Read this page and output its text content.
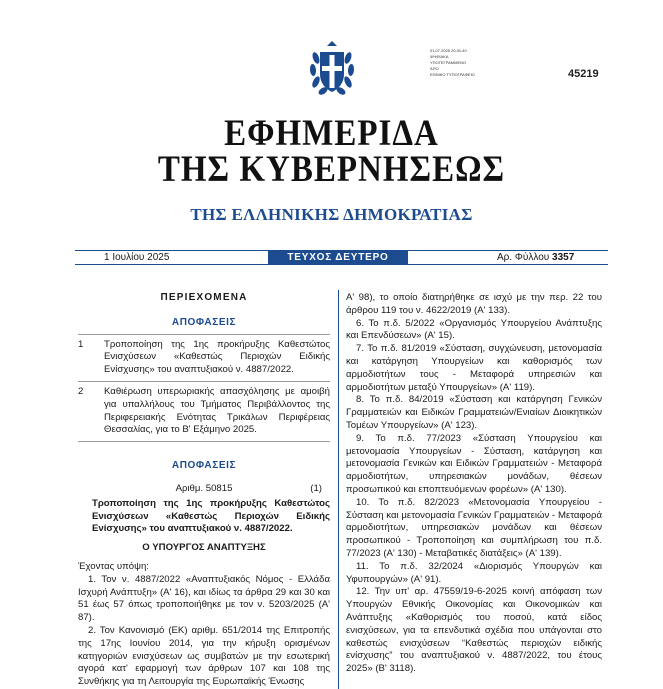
01.07.2025 20:31:40
ΨΗΦΙΑΚΑ
ΥΠΟΓΕΓΡΑΜΜΕΝΟ
ΑΠΟ
ΕΘΝΙΚΟ ΤΥΠΟΓΡΑΦΕΙΟ	45219
ΕΦΗΜΕΡΙΔΑ
ΤΗΣ ΚΥΒΕΡΝΗΣΕΩΣ
ΤΗΣ ΕΛΛΗΝΙΚΗΣ ΔΗΜΟΚΡΑΤΙΑΣ
1 Ιουλίου 2025	ΤΕΥΧΟΣ ΔΕΥΤΕΡΟ	Αρ. Φύλλου 3357

ΠΕΡΙΕΧΟΜΕΝΑ

ΑΠΟΦΑΣΕΙΣ

1 Τροποποίηση της 1ης προκήρυξης Καθεστώτος Ενισχύσεων «Καθεστώς Περιοχών Ειδικής Ενίσχυσης» του αναπτυξιακού ν. 4887/2022.

2 Καθιέρωση υπερωριακής απασχόλησης με αμοιβή για υπαλλήλους του Τμήματος Περιβάλλοντος της Περιφερειακής Ενότητας Τρικάλων Περιφέρειας Θεσσαλίας, για το Β' Εξάμηνο 2025.

ΑΠΟΦΑΣΕΙΣ

Αριθμ. 50815	(1)

Τροποποίηση της 1ης προκήρυξης Καθεστώτος Ενισχύσεων «Καθεστώς Περιοχών Ειδικής Ενίσχυσης» του αναπτυξιακού ν. 4887/2022.

Ο ΥΠΟΥΡΓΟΣ ΑΝΑΠΤΥΞΗΣ

Έχοντας υπόψη:

1. Τον ν. 4887/2022 «Αναπτυξιακός Νόμος - Ελλάδα Ισχυρή Ανάπτυξη» (Α' 16), και ιδίως τα άρθρα 29 και 30 και 51 έως 57 όπως τροποποιήθηκε με τον ν. 5203/2025 (Α' 87).

2. Τον Κανονισμό (ΕΚ) αριθμ. 651/2014 της Επιτροπής της 17ης Ιουνίου 2014, για την κήρυξη ορισμένων κατηγοριών ενισχύσεων ως συμβατών με την εσωτερική αγορά κατ' εφαρμογή των άρθρων 107 και 108 της Συνθήκης για τη Λειτουργία της Ευρωπαϊκής Ένωσης

Α' 98), το οποίο διατηρήθηκε σε ισχύ με την περ. 22 του άρθρου 119 του ν. 4622/2019 (Α' 133).

6. Το π.δ. 5/2022 «Οργανισμός Υπουργείου Ανάπτυξης και Επενδύσεων» (Α' 15).

7. Το π.δ. 81/2019 «Σύσταση, συγχώνευση, μετονομασία και κατάργηση Υπουργείων και καθορισμός των αρμοδιοτήτων τους - Μεταφορά υπηρεσιών και αρμοδιοτήτων μεταξύ Υπουργείων» (Α' 119).

8. Το π.δ. 84/2019 «Σύσταση και κατάργηση Γενικών Γραμματειών και Ειδικών Γραμματειών/Ενιαίων Διοικητικών Τομέων Υπουργείων» (Α' 123).

9. Το π.δ. 77/2023 «Σύσταση Υπουργείου και μετονομασία Υπουργείων - Σύσταση, κατάργηση και μετονομασία Γενικών και Ειδικών Γραμματειών - Μεταφορά αρμοδιοτήτων, υπηρεσιακών μονάδων, θέσεων προσωπικού και εποπτευόμενων φορέων» (Α' 130).

10. Το π.δ. 82/2023 «Μετονομασία Υπουργείου - Σύσταση και μετονομασία Γενικών Γραμματειών - Μεταφορά αρμοδιοτήτων, υπηρεσιακών μονάδων και θέσεων προσωπικού - Τροποποίηση και συμπλήρωση του π.δ. 77/2023 (Α' 130) - Μεταβατικές διατάξεις» (Α' 139).

11. Το π.δ. 32/2024 «Διορισμός Υπουργών και Υφυπουργών» (Α' 91).

12. Την υπ' αρ. 47559/19-6-2025 κοινή απόφαση των Υπουργών Εθνικής Οικονομίας και Οικονομικών και Ανάπτυξης «Καθορισμός του ποσού, κατά είδος ενισχύσεων, για τα επενδυτικά σχέδια που υπάγονται στο καθεστώς ενισχύσεων “Καθεστώς περιοχών ειδικής ενίσχυσης” του αναπτυξιακού ν. 4887/2022, του έτους 2025» (Β' 3118).
